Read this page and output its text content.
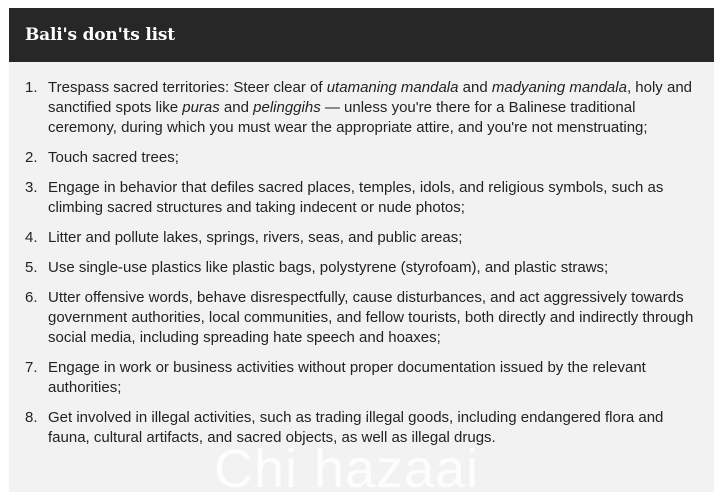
Bali's don'ts list
1. Trespass sacred territories: Steer clear of utamaning mandala and madyaning mandala, holy and sanctified spots like puras and pelinggihs — unless you're there for a Balinese traditional ceremony, during which you must wear the appropriate attire, and you're not menstruating;
2. Touch sacred trees;
3. Engage in behavior that defiles sacred places, temples, idols, and religious symbols, such as climbing sacred structures and taking indecent or nude photos;
4. Litter and pollute lakes, springs, rivers, seas, and public areas;
5. Use single-use plastics like plastic bags, polystyrene (styrofoam), and plastic straws;
6. Utter offensive words, behave disrespectfully, cause disturbances, and act aggressively towards government authorities, local communities, and fellow tourists, both directly and indirectly through social media, including spreading hate speech and hoaxes;
7. Engage in work or business activities without proper documentation issued by the relevant authorities;
8. Get involved in illegal activities, such as trading illegal goods, including endangered flora and fauna, cultural artifacts, and sacred objects, as well as illegal drugs.
Chi hazaai
